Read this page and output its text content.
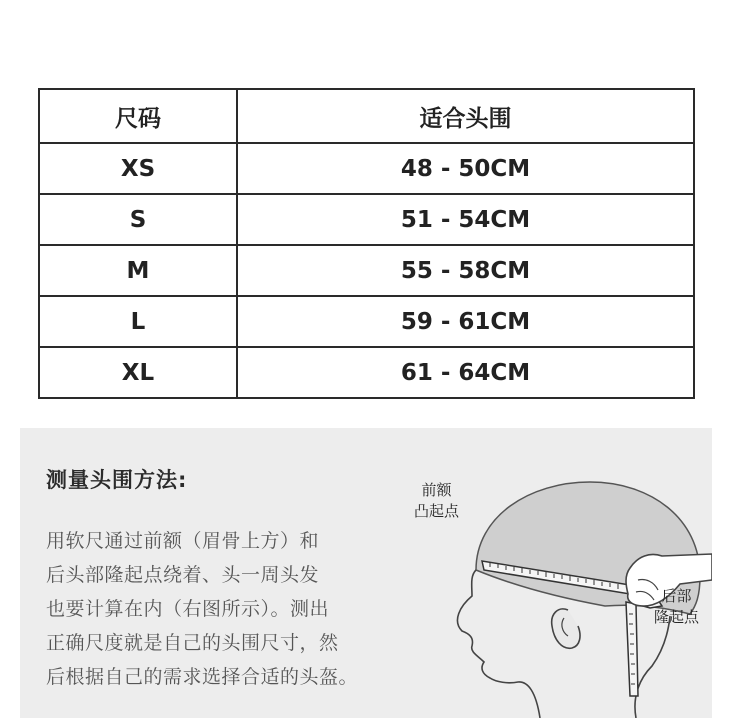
尺码	适合头围
XS	48 - 50CM
S	51 - 54CM
M	55 - 58CM
L	59 - 61CM
XL	61 - 64CM
测量头围方法:
用软尺通过前额（眉骨上方）和
后头部隆起点绕着、头一周头发
也要计算在内（右图所示）。测出
正确尺度就是自己的头围尺寸，然
后根据自己的需求选择合适的头盔。
前额
凸起点
后部
隆起点
